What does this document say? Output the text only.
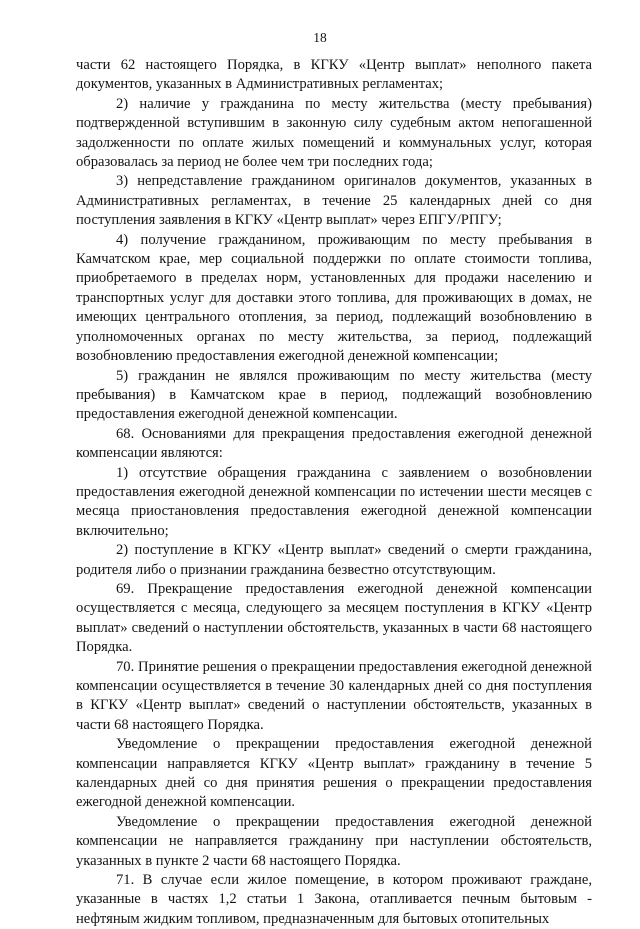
18

части 62 настоящего Порядка, в КГКУ «Центр выплат» неполного пакета документов, указанных в Административных регламентах;

2) наличие у гражданина по месту жительства (месту пребывания) подтвержденной вступившим в законную силу судебным актом непогашенной задолженности по оплате жилых помещений и коммунальных услуг, которая образовалась за период не более чем три последних года;

3) непредставление гражданином оригиналов документов, указанных в Административных регламентах, в течение 25 календарных дней со дня поступления заявления в КГКУ «Центр выплат» через ЕПГУ/РПГУ;

4) получение гражданином, проживающим по месту пребывания в Камчатском крае, мер социальной поддержки по оплате стоимости топлива, приобретаемого в пределах норм, установленных для продажи населению и транспортных услуг для доставки этого топлива, для проживающих в домах, не имеющих центрального отопления, за период, подлежащий возобновлению в уполномоченных органах по месту жительства, за период, подлежащий возобновлению предоставления ежегодной денежной компенсации;

5) гражданин не являлся проживающим по месту жительства (месту пребывания) в Камчатском крае в период, подлежащий возобновлению предоставления ежегодной денежной компенсации.

68. Основаниями для прекращения предоставления ежегодной денежной компенсации являются:

1) отсутствие обращения гражданина с заявлением о возобновлении предоставления ежегодной денежной компенсации по истечении шести месяцев с месяца приостановления предоставления ежегодной денежной компенсации включительно;

2) поступление в КГКУ «Центр выплат» сведений о смерти гражданина, родителя либо о признании гражданина безвестно отсутствующим.

69. Прекращение предоставления ежегодной денежной компенсации осуществляется с месяца, следующего за месяцем поступления в КГКУ «Центр выплат» сведений о наступлении обстоятельств, указанных в части 68 настоящего Порядка.

70. Принятие решения о прекращении предоставления ежегодной денежной компенсации осуществляется в течение 30 календарных дней со дня поступления в КГКУ «Центр выплат» сведений о наступлении обстоятельств, указанных в части 68 настоящего Порядка.

Уведомление о прекращении предоставления ежегодной денежной компенсации направляется КГКУ «Центр выплат» гражданину в течение 5 календарных дней со дня принятия решения о прекращении предоставления ежегодной денежной компенсации.

Уведомление о прекращении предоставления ежегодной денежной компенсации не направляется гражданину при наступлении обстоятельств, указанных в пункте 2 части 68 настоящего Порядка.

71. В случае если жилое помещение, в котором проживают граждане, указанные в частях 1,2 статьи 1 Закона, отапливается печным бытовым - нефтяным жидким топливом, предназначенным для бытовых отопительных
